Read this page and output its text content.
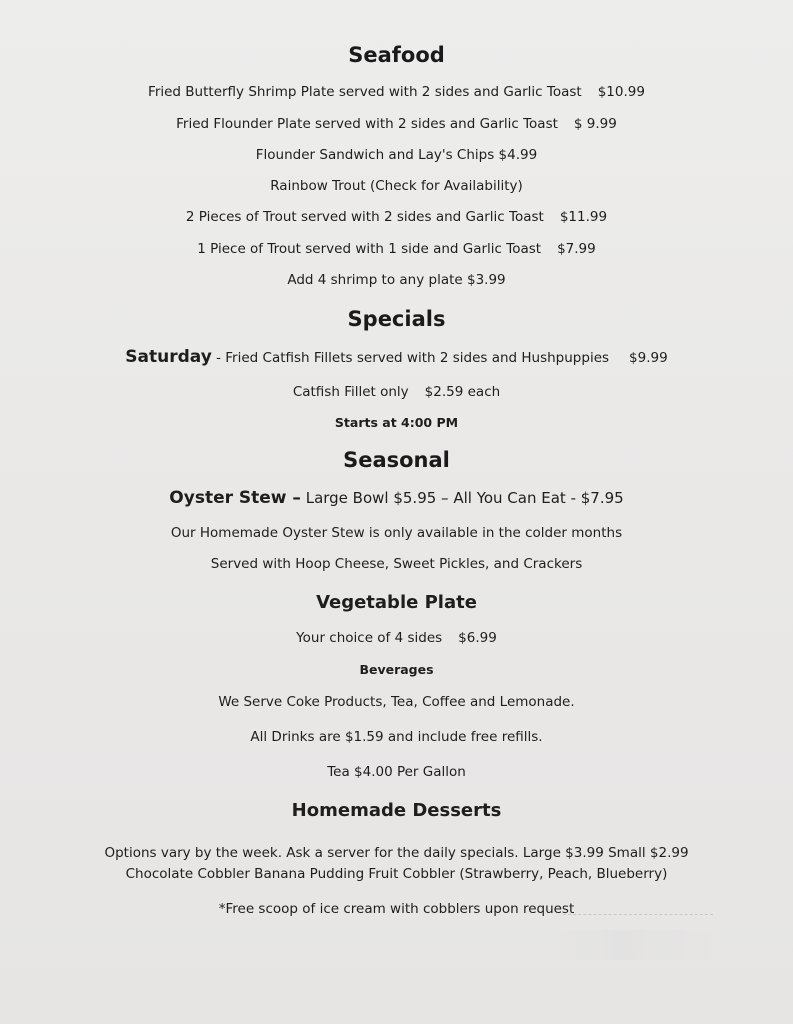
Seafood
Fried Butterfly Shrimp Plate served with 2 sides and Garlic Toast $10.99
Fried Flounder Plate served with 2 sides and Garlic Toast $ 9.99
Flounder Sandwich and Lay's Chips $4.99
Rainbow Trout (Check for Availability)
2 Pieces of Trout served with 2 sides and Garlic Toast $11.99
1 Piece of Trout served with 1 side and Garlic Toast $7.99
Add 4 shrimp to any plate $3.99
Specials
Saturday - Fried Catfish Fillets served with 2 sides and Hushpuppies $9.99
Catfish Fillet only $2.59 each
Starts at 4:00 PM
Seasonal
Oyster Stew – Large Bowl $5.95 – All You Can Eat - $7.95
Our Homemade Oyster Stew is only available in the colder months
Served with Hoop Cheese, Sweet Pickles, and Crackers
Vegetable Plate
Your choice of 4 sides $6.99
Beverages
We Serve Coke Products, Tea, Coffee and Lemonade.
All Drinks are $1.59 and include free refills.
Tea $4.00 Per Gallon
Homemade Desserts
Options vary by the week. Ask a server for the daily specials. Large $3.99 Small $2.99
Chocolate Cobbler Banana Pudding Fruit Cobbler (Strawberry, Peach, Blueberry)
*Free scoop of ice cream with cobblers upon request
